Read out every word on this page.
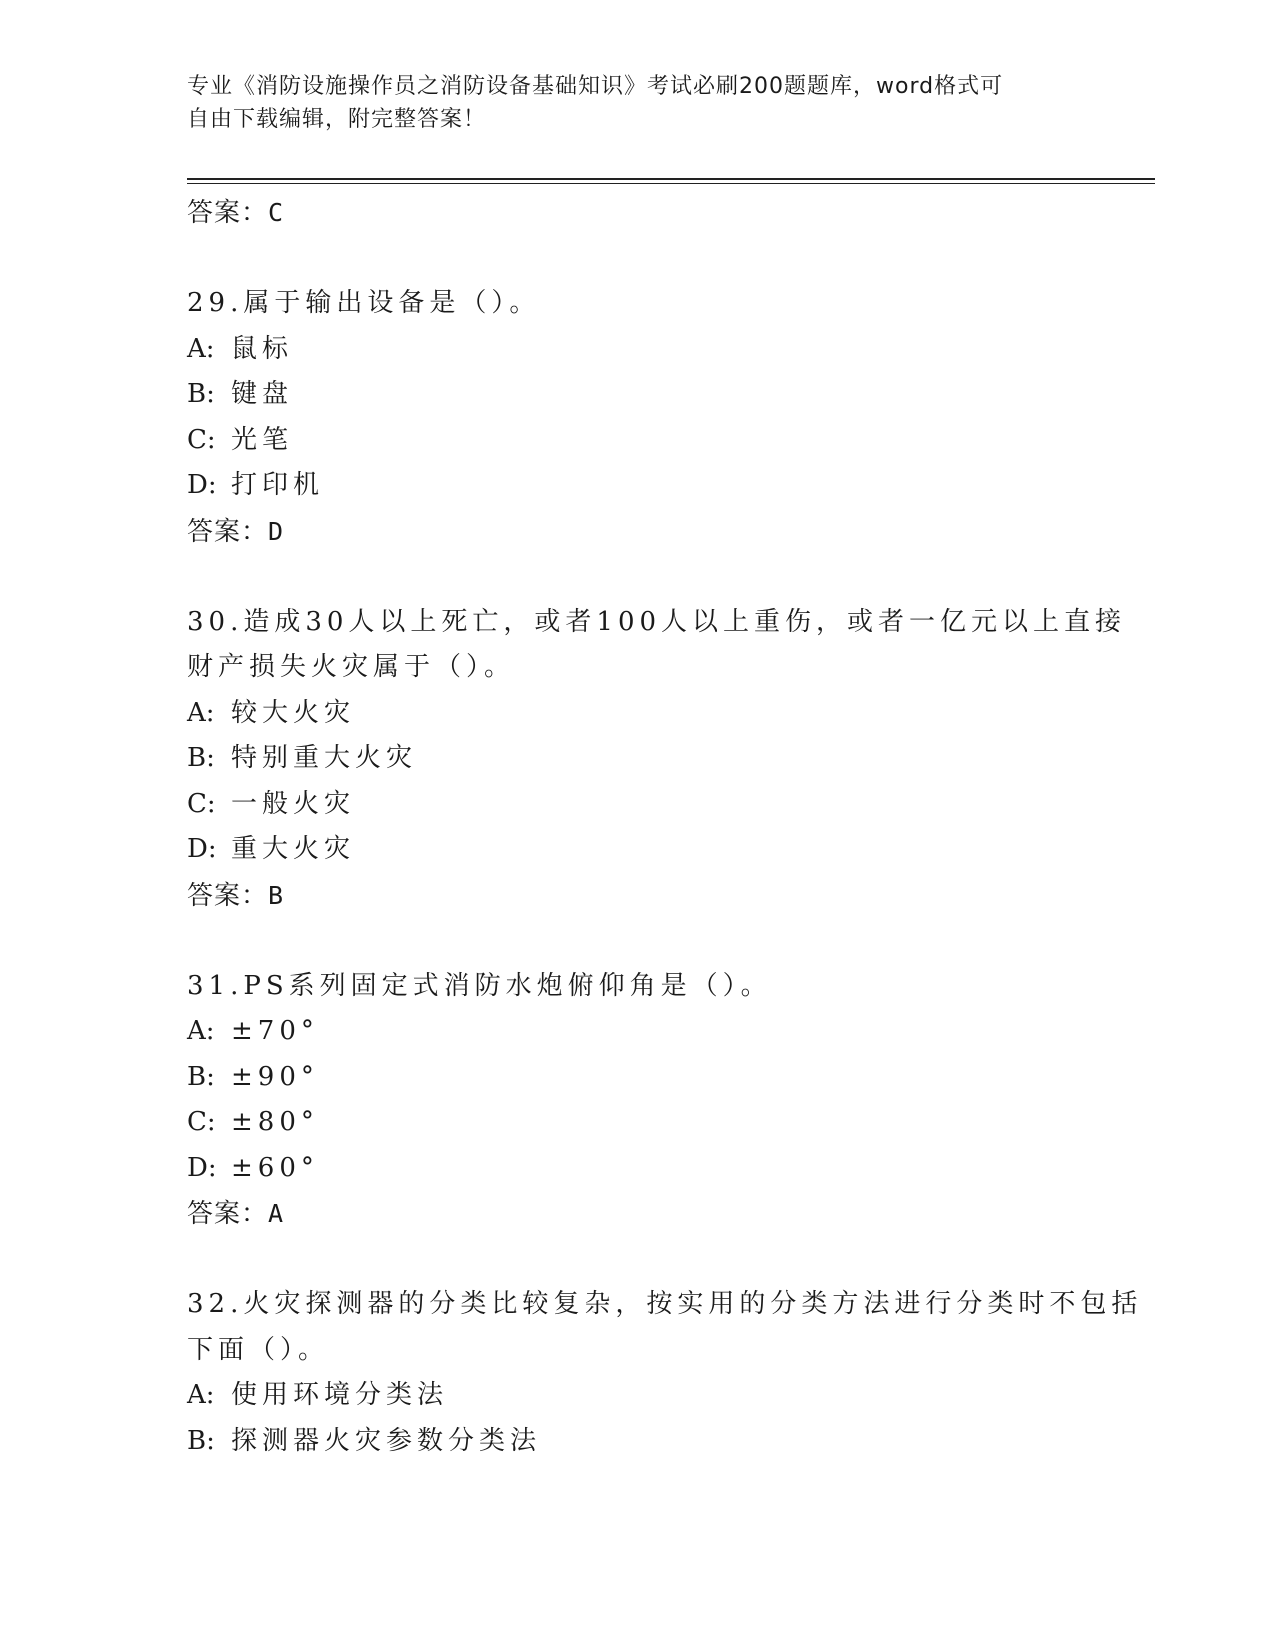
专业《消防设施操作员之消防设备基础知识》考试必刷200题题库，word格式可
自由下载编辑，附完整答案！
答案：C
29.属于输出设备是（）。
A: 鼠标
B: 键盘
C: 光笔
D: 打印机
答案：D
30.造成30人以上死亡，或者100人以上重伤，或者一亿元以上直接
财产损失火灾属于（）。
A: 较大火灾
B: 特别重大火灾
C: 一般火灾
D: 重大火灾
答案：B
31.PS系列固定式消防水炮俯仰角是（）。
A: ±70°
B: ±90°
C: ±80°
D: ±60°
答案：A
32.火灾探测器的分类比较复杂，按实用的分类方法进行分类时不包括
下面（）。
A: 使用环境分类法
B: 探测器火灾参数分类法
